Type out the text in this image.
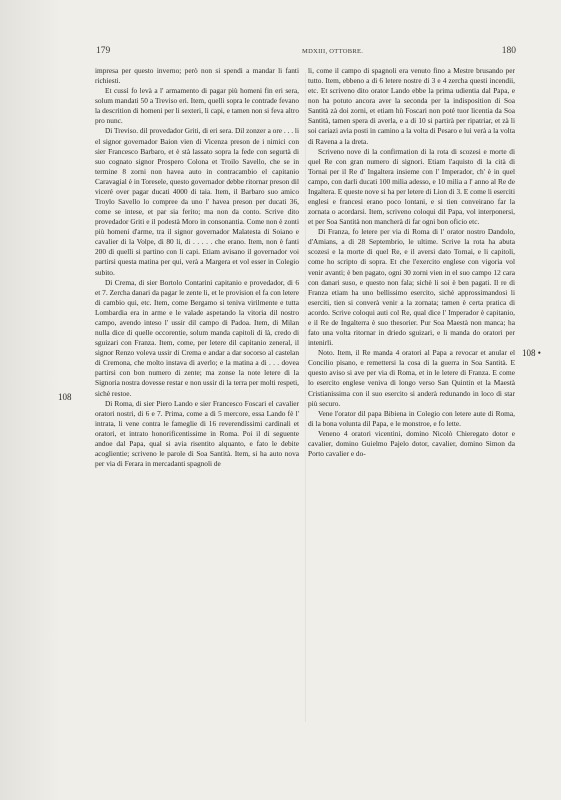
179	MDXIII, OTTOBRE.	180
108
108 •

impresa per questo inverno; però non si spendi a mandar li fanti richiesti.

Et cussì fo levà a l' armamento di pagar più homeni fin eri sera, solum mandati 50 a Treviso eri. Item, quelli sopra le contrade fevano la descrition di homeni per li sexteri, li capi, e tamen non si feva altro pro nunc.

Di Treviso. dil provedador Griti, di eri sera. Dil zonzer a ore . . . li el signor governador Baion vien di Vicenza preson de i nimici con sier Francesco Barbaro, et è stà lassato sopra la fede con segurtà di suo cognato signor Prospero Colona et Troilo Savello, che se in termine 8 zorni non havea auto in contracambio el capitanio Caravagial è in Toresele, questo governador debbe ritornar preson dil viceré over pagar ducati 4000 di taia. Item, il Barbaro suo amico Troylo Savello lo compree da uno l' havea preson per ducati 36, come se intese, et par sia ferito; ma non da conto. Scrive dito provedador Griti e il podestà Moro in consonantia. Come non è zonti più homeni d'arme, tra il signor governador Malatesta di Soiano e cavalier di la Volpe, di 80 li, di . . . . . che erano. Item, non è fanti 200 di quelli si partino con li capi. Etiam avisano il governador voi partirsi questa matina per qui, verà a Margera et vol esser in Colegio subito.

Di Crema, di sier Bortolo Contarini capitanio e provedador, di 6 et 7. Zercha danari da pagar le zente li, et le provision el fa con letere di cambio qui, etc. Item, come Bergamo si teniva virilmente e tutta Lombardia era in arme e le valade aspetando la vitoria dil nostro campo, avendo inteso l' ussir dil campo di Padoa. Item, di Milan nulla dice di quelle occorentie, solum manda capitoli di là, credo di sguizari con Franza. Item, come, per letere dil capitanio zeneral, il signor Renzo voleva ussir di Crema e andar a dar socorso al castelan di Cremona, che molto instava di averlo; e la matina a di . . . dovea partirsi con bon numero di zente; ma zonse la note letere di la Signoria nostra dovesse restar e non ussir di la terra per molti respeti, sichè restoe.

Di Roma, di sier Piero Lando e sier Francesco Foscari el cavalier oratori nostri, di 6 e 7. Prima, come a di 5 mercore, essa Lando fè l' intrata, li vene contra le fameglie di 16 reverendissimi cardinali et oratori, et intrato honorificentissime in Roma. Poi il di seguente andoe dal Papa, qual si avia risentito alquanto, e fato le debite acoglientie; scriveno le parole di Soa Santità. Item, si ha auto nova per via di Ferara in mercadanti spagnoli de

li, come il campo di spagnoli era venuto fino a Mestre brusando per tutto. Item, ebbeno a di 6 letere nostre di 3 e 4 zercha questi incendii, etc. Et scriveno dito orator Lando ebbe la prima udientia dal Papa, e non ha potuto ancora aver la seconda per la indisposition di Soa Santità zà doi zorni, et etiam hù Foscari non poté tuor licentia da Soa Santità, tamen spera di averla, e a di 10 si partirà per ripatriar, et zà li soi cariazi avia posti in camino a la volta di Pesaro e lui verà a la volta di Ravena a la dreta.

Scriveno nove di la confirmation di la rota di scozesi e morte di quel Re con gran numero di signori. Etiam l'aquisto di la cità di Tornai per il Re d' Ingaltera insieme con l' Imperador, ch' è in quel campo, con darli ducati 100 milia adesso, e 10 milia a l' anno al Re de Ingaltera. E queste nove si ha per letere di Lion di 3. E come li eserciti englesi e francesi erano poco lontani, e si tien conveirano far la zornata o acordarsi. Item, scriveno coloqui dil Papa, vol interponersi, et per Soa Santità non mancherà di far ogni bon oficio etc.

Di Franza, fo letere per via di Roma di l' orator nostro Dandolo, d'Amians, a di 28 Septembrio, le ultime. Scrive la rota ha abuta scozesi e la morte di quel Re, e il aversi dato Tornai, e li capitoli, come ho scripto di sopra. Et che l'exercito englese con vigoria vol venir avanti; è ben pagato, ogni 30 zorni vien in el suo campo 12 cara con danari suso, e questo non fala; sichè li soi è ben pagati. Il re di Franza etiam ha uno bellissimo esercito, sichè approssimandosi li eserciti, tien si converà venir a la zornata; tamen è certa pratica di acordo. Scrive coloqui auti col Re, qual dice l' Imperador è capitanio, e il Re de Ingalterra è suo thesorier. Pur Soa Maestà non manca; ha fato una volta ritornar in driedo sguizari, e li manda do oratori per intenirli.

Noto. Item, il Re manda 4 oratori al Papa a revocar et anular el Concilio pisano, e remettersi la cosa di la guerra in Soa Santità. E questo aviso si ave per via di Roma, et in le letere di Franza. E come lo esercito englese veniva di longo verso San Quintin et la Maestà Cristianissima con il suo esercito si anderà redunando in loco di star più securo.

Vene l'orator dil papa Bibiena in Colegio con letere aute di Roma, di la bona volunta dil Papa, e le monstroe, e fo lette.

Veneno 4 oratori vicentini, domino Nicolò Chieregato dotor e cavalier, domino Guielmo Pajelo dotor, cavalier, domino Simon da Porto cavalier e do-
